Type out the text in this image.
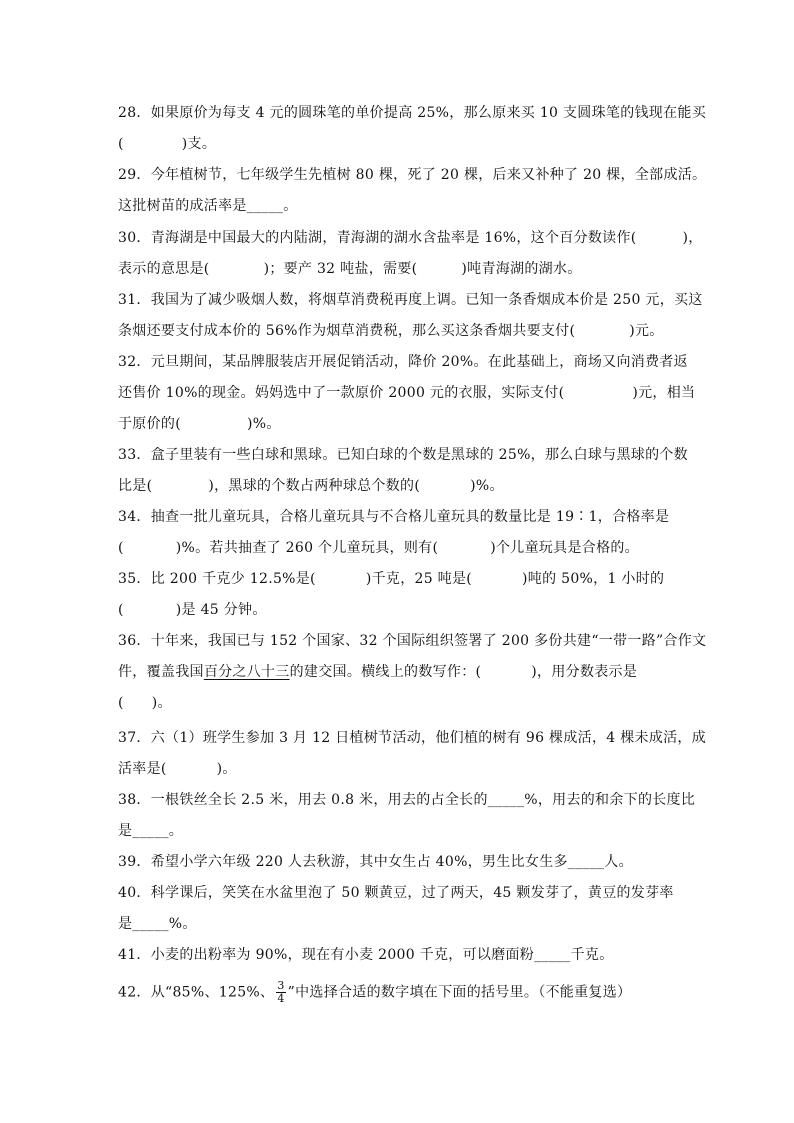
28．如果原价为每支 4 元的圆珠笔的单价提高 25%，那么原来买 10 支圆珠笔的钱现在能买
(	)支。
29．今年植树节，七年级学生先植树 80 棵，死了 20 棵，后来又补种了 20 棵，全部成活。
这批树苗的成活率是_____。
30．青海湖是中国最大的内陆湖，青海湖的湖水含盐率是 16%，这个百分数读作(	)，
表示的意思是(	)；要产 32 吨盐，需要(	)吨青海湖的湖水。
31．我国为了减少吸烟人数，将烟草消费税再度上调。已知一条香烟成本价是 250 元，买这
条烟还要支付成本价的 56%作为烟草消费税，那么买这条香烟共要支付(	)元。
32．元旦期间，某品牌服装店开展促销活动，降价 20%。在此基础上，商场又向消费者返
还售价 10%的现金。妈妈选中了一款原价 2000 元的衣服，实际支付(	)元，相当
于原价的(	)%。
33．盒子里装有一些白球和黑球。已知白球的个数是黑球的 25%，那么白球与黑球的个数
比是(	)，黑球的个数占两种球总个数的(	)%。
34．抽查一批儿童玩具，合格儿童玩具与不合格儿童玩具的数量比是 19∶1，合格率是
(	)%。若共抽查了 260 个儿童玩具，则有(	)个儿童玩具是合格的。
35．比 200 千克少 12.5%是(	)千克，25 吨是(	)吨的 50%，1 小时的
(	)是 45 分钟。
36．十年来，我国已与 152 个国家、32 个国际组织签署了 200 多份共建“一带一路”合作文
件，覆盖我国百分之八十三的建交国。横线上的数写作：(	)，用分数表示是
( )。
37．六（1）班学生参加 3 月 12 日植树节活动，他们植的树有 96 棵成活，4 棵未成活，成
活率是(	)。
38．一根铁丝全长 2.5 米，用去 0.8 米，用去的占全长的_____%，用去的和余下的长度比
是_____。
39．希望小学六年级 220 人去秋游，其中女生占 40%，男生比女生多_____人。
40．科学课后，笑笑在水盆里泡了 50 颗黄豆，过了两天，45 颗发芽了，黄豆的发芽率
是_____%。
41．小麦的出粉率为 90%，现在有小麦 2000 千克，可以磨面粉_____千克。
42．从“85%、125%、 $\frac{3}{4}$ ”中选择合适的数字填在下面的括号里。（不能重复选）
